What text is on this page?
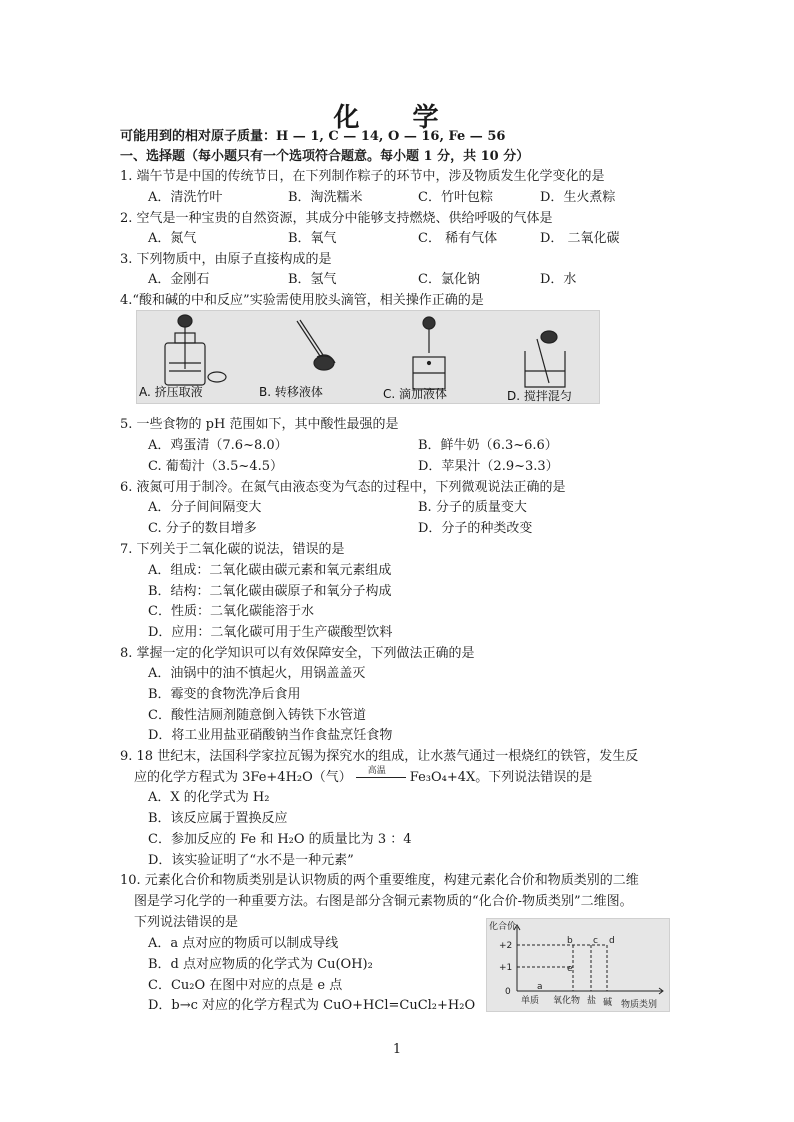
化 学
可能用到的相对原子质量：H — 1, C — 14, O — 16, Fe — 56
一、选择题（每小题只有一个选项符合题意。每小题 1 分，共 10 分）
1. 端午节是中国的传统节日，在下列制作粽子的环节中，涉及物质发生化学变化的是
A．清洗竹叶	B．淘洗糯米	C．竹叶包粽	D．生火煮粽
2. 空气是一种宝贵的自然资源，其成分中能够支持燃烧、供给呼吸的气体是
A．氮气	B．氧气	C． 稀有气体	D． 二氧化碳
3. 下列物质中，由原子直接构成的是
A．金刚石	B．氢气	C．氯化钠	D．水
4.“酸和碱的中和反应”实验需使用胶头滴管，相关操作正确的是
A. 挤压取液	B. 转移液体	C. 滴加液体	D. 搅拌混匀
5. 一些食物的 pH 范围如下，其中酸性最强的是
A．鸡蛋清（7.6~8.0）	B．鲜牛奶（6.3~6.6）
C. 葡萄汁（3.5~4.5）	D．苹果汁（2.9~3.3）
6. 液氮可用于制冷。在氮气由液态变为气态的过程中，下列微观说法正确的是
A．分子间间隔变大	B. 分子的质量变大
C. 分子的数目增多	D．分子的种类改变
7. 下列关于二氧化碳的说法，错误的是
A．组成：二氧化碳由碳元素和氧元素组成
B．结构：二氧化碳由碳原子和氧分子构成
C．性质：二氧化碳能溶于水
D．应用：二氧化碳可用于生产碳酸型饮料
8. 掌握一定的化学知识可以有效保障安全，下列做法正确的是
A．油锅中的油不慎起火，用锅盖盖灭
B．霉变的食物洗净后食用
C．酸性洁厕剂随意倒入铸铁下水管道
D．将工业用盐亚硝酸钠当作食盐烹饪食物
9. 18 世纪末，法国科学家拉瓦锡为探究水的组成，让水蒸气通过一根烧红的铁管，发生反
应的化学方程式为 3Fe+4H₂O（气） 高温 Fe₃O₄+4X。下列说法错误的是
A．X 的化学式为 H₂
B．该反应属于置换反应
C．参加反应的 Fe 和 H₂O 的质量比为 3 ：4
D．该实验证明了“水不是一种元素”
10. 元素化合价和物质类别是认识物质的两个重要维度，构建元素化合价和物质类别的二维
图是学习化学的一种重要方法。右图是部分含铜元素物质的“化合价-物质类别”二维图。
下列说法错误的是
A．a 点对应的物质可以制成导线
B．d 点对应物质的化学式为 Cu(OH)₂
C．Cu₂O 在图中对应的点是 e 点
D．b→c 对应的化学方程式为 CuO+HCl=CuCl₂+H₂O
化合价
+2
+1
0	a
b c d
e
单质 氧化物 盐 碱 物质类别
1
